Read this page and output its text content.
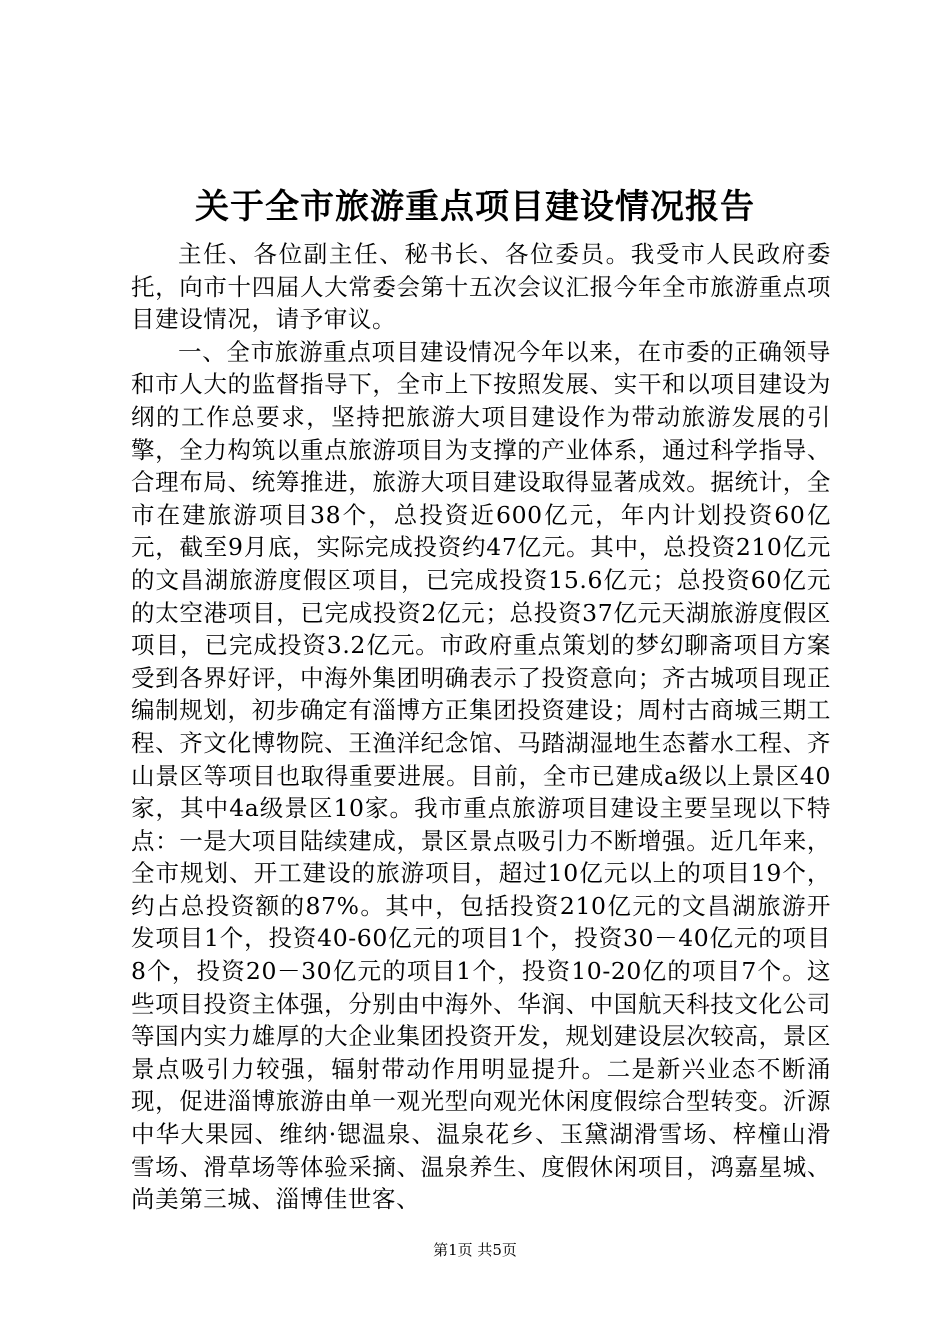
关于全市旅游重点项目建设情况报告

主任、各位副主任、秘书长、各位委员。我受市人民政府委托，向市十四届人大常委会第十五次会议汇报今年全市旅游重点项目建设情况，请予审议。

一、全市旅游重点项目建设情况今年以来，在市委的正确领导和市人大的监督指导下，全市上下按照发展、实干和以项目建设为纲的工作总要求，坚持把旅游大项目建设作为带动旅游发展的引擎，全力构筑以重点旅游项目为支撑的产业体系，通过科学指导、合理布局、统筹推进，旅游大项目建设取得显著成效。据统计，全市在建旅游项目38个，总投资近600亿元，年内计划投资60亿元，截至9月底，实际完成投资约47亿元。其中，总投资210亿元的文昌湖旅游度假区项目，已完成投资15.6亿元；总投资60亿元的太空港项目，已完成投资2亿元；总投资37亿元天湖旅游度假区项目，已完成投资3.2亿元。市政府重点策划的梦幻聊斋项目方案受到各界好评，中海外集团明确表示了投资意向；齐古城项目现正编制规划，初步确定有淄博方正集团投资建设；周村古商城三期工程、齐文化博物院、王渔洋纪念馆、马踏湖湿地生态蓄水工程、齐山景区等项目也取得重要进展。目前，全市已建成a级以上景区40家，其中4a级景区10家。我市重点旅游项目建设主要呈现以下特点：一是大项目陆续建成，景区景点吸引力不断增强。近几年来，全市规划、开工建设的旅游项目，超过10亿元以上的项目19个，约占总投资额的87%。其中，包括投资210亿元的文昌湖旅游开发项目1个，投资40-60亿元的项目1个，投资30－40亿元的项目8个，投资20－30亿元的项目1个，投资10-20亿的项目7个。这些项目投资主体强，分别由中海外、华润、中国航天科技文化公司等国内实力雄厚的大企业集团投资开发，规划建设层次较高，景区景点吸引力较强，辐射带动作用明显提升。二是新兴业态不断涌现，促进淄博旅游由单一观光型向观光休闲度假综合型转变。沂源中华大果园、维纳·锶温泉、温泉花乡、玉黛湖滑雪场、梓橦山滑雪场、滑草场等体验采摘、温泉养生、度假休闲项目，鸿嘉星城、尚美第三城、淄博佳世客、

第1页 共5页
